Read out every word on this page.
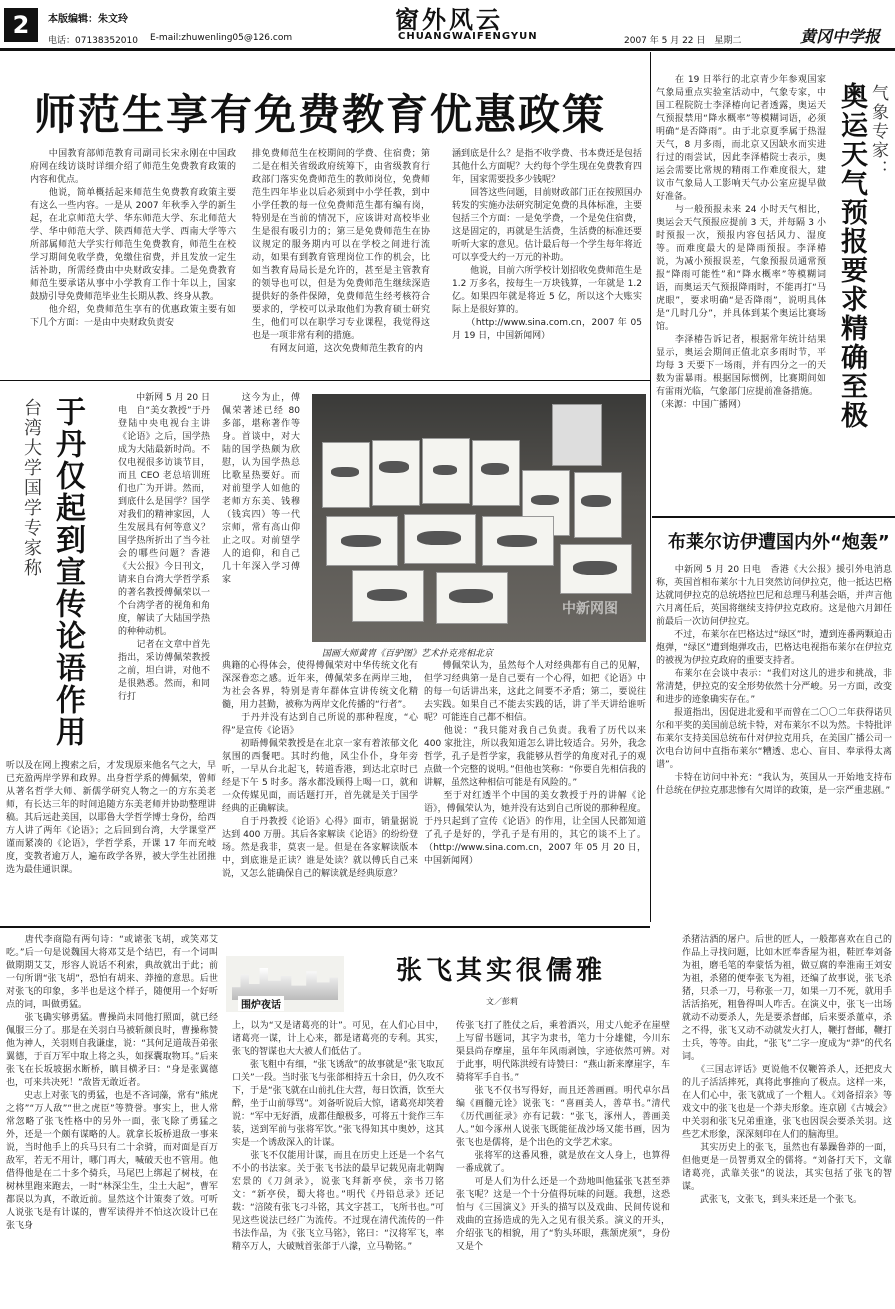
2	本版编辑：朱文玲
电话：07138352010 E-mail:zhuwenling05@126.com
窗外风云
CHUANGWAIFENGYUN	2007 年 5 月 22 日　星期二	黄冈中学报
师范生享有免费教育优惠政策
　　中国教育部师范教育司副司长宋永刚在中国政府网在线访谈时详细介绍了师范生免费教育政策的内容和优点。
　　他说，简单概括起来师范生免费教育政策主要有这么一些内容。一是从 2007 年秋季入学的新生起，在北京师范大学、华东师范大学、东北师范大学、华中师范大学、陕西师范大学、西南大学等六所部属师范大学实行师范生免费教育，师范生在校学习期间免收学费，免缴住宿费，并且发放一定生活补助，所需经费由中央财政安排。二是免费教育师范生要承诺从事中小学教育工作十年以上，国家鼓励引导免费师范毕业生长期从教、终身从教。
　　他介绍，免费师范生享有的优惠政策主要有如下几个方面：一是由中央财政负责安
排免费师范生在校期间的学费、住宿费；第二是在相关省级政府统筹下，由省级教育行政部门落实免费师范生的教师岗位，免费师范生四年毕业以后必须到中小学任教，到中小学任教的每一位免费师范生都有编有岗，特别是在当前的情况下，应该讲对高校毕业生是很有吸引力的；第三是免费师范生在协议规定的服务期内可以在学校之间进行流动，如果有到教育管理岗位工作的机会，比如当教育局局长是允许的，甚至是主管教育的领导也可以，但是为免费师范生继续深造提供好的条件保障，免费师范生经考核符合要求的，学校可以录取他们为教育硕士研究生，他们可以在职学习专业课程，我觉得这也是一项非常有利的措施。
　　有网友问道，这次免费师范生教育的内
涵到底是什么？是指不收学费、书本费还是包括其他什么方面呢？大约每个学生现在免费教育四年，国家需要投多少钱呢？
　　回答这些问题，目前财政部门正在按照国办转发的实施办法研究制定免费的具体标准，主要包括三个方面：一是免学费，一个是免住宿费，这是固定的，再就是生活费，生活费的标准还要听听大家的意见。估计最后每一个学生每年将近可以享受大约一万元的补助。
　　他说，目前六所学校计划招收免费师范生是 1.2 万多名，按每生一万块钱算，一年就是 1.2 亿。如果四年就是将近 5 亿，所以这个大账实际上是很好算的。
　　（http://www.sina.com.cn，2007 年 05 月 19 日，中国新闻网）
于丹仅起到宣传论语作用
台湾大学国学专家称	　　中新网 5 月 20 日电　自“美女教授”于丹登陆中央电视台主讲《论语》之后，国学热成为大陆最新时尚。不仅电视很多访谈节目，而且 CEO 老总培训班们也广为开讲。然而，到底什么是国学？国学对我们的精神家园，人生发展具有何等意义？国学热所折出了当今社会的哪些问题？香港《大公报》今日刊文，请来自台湾大学哲学系的著名教授傅佩荣以一个台湾学者的视角和角度，解读了大陆国学热的种种动机。
　　记者在文章中首先指出，采访傅佩荣教授之前，坦白讲，对他不是很熟悉。然而，和同行打
　　这今为止，傅佩荣著述已经 80 多部，堪称著作等身。首谈中，对大陆的国学热颇为欣慰，认为国学热总比歌星热要好。而对前望学人如他的老师方东美、钱穆（钱宾四）等一代宗师，常有高山仰止之叹。对前望学人的追仰，和自己几十年深入学习傅家
听以及在网上搜索之后，才发现原来他名气之大，早已充盈两岸学界和政界。出身哲学系的傅佩荣，曾师从著名哲学大师、新儒学研究人物之一的方东美老师，有长达三年的时间追随方东美老师并协助整理讲稿。其后远赴美国，以耶鲁大学哲学博士身份，给西方人讲了两年《论语》；之后回到台湾，大学课堂严谨而紧凑的《论语》，学哲学系，开课 17 年而充岐度，变教者逾万人，遍布政学各界，被大学生社团推选为最佳通识课。
中新网图
国画大师黄胄《百驴图》艺术扑克亮相北京
典籍的心得体会，使得傅佩荣对中华传统文化有深深眷恋之感。近年来，傅佩荣多在两岸三地，为社会各界，特别是青年群体宣讲传统文化精髓，用力甚勤，被称为两岸文化传播的“行者”。
　　于丹并没有达到自己所说的那种程度，“心得”是宣传《论语》
　　初晤傅佩荣教授是在北京一家有着浓郁文化氛围的西餐吧。其时约他，风尘仆仆，身年旁听，一早从台北起飞，转道香港，到达北京时已经是下午 5 时多。落水都没顾得上喝一口，就和一众传媒见面，而话题打开，首先就是关于国学经典的正确解读。
　　自于丹教授《论语》心得》面市，销量据说达到 400 万册。其后各家解读《论语》的纷纷登场。然是我非，莫衷一是。但是在各家解读版本中，到底谁是正读？谁是处读？就以傅氏自己来说，又怎么能确保自己的解读就是经典原意？
　　傅佩荣认为，虽然每个人对经典都有自己的见解，但学习经典第一是自己要有一个心得，如把《论语》中的每一句话讲出来，这此之间要不矛盾；第二，要说往去实践。如果自己不能去实践的话，讲了半天讲给谁听呢？可能连自己都不相信。
　　他说：“我只能对我自己负责。我看了历代以来 400 家批注，所以我知道怎么讲比较适合。另外，我念哲学，孔子是哲学家，我能够从哲学的角度对孔子的观点做一个完整的说明。”但他也笑称：“你要自先相信我的讲解，虽然这种相信可能是有风险的。”
　　至于对红透半个中国的美女教授于丹的讲解《论语》，傅佩荣认为，她并没有达到自己所说的那种程度。于丹只起到了宣传《论语》的作用，让全国人民都知道了孔子是好的，学孔子是有用的，其它的谈不上了。（http://www.sina.com.cn，2007 年 05 月 20 日，中国新闻网）
　　在 19 日举行的北京青少年参观国家气象局重点实验室活动中，气象专家，中国工程院院士李泽椿向记者透露，奥运天气预报禁用“降水概率”等模糊词语，必须明确“是否降雨”。由于北京夏季属于热湿天气，8 月多雨，而北京又因缺水而实进行过的雨尝试，因此李泽椿院士表示，奥运会需要比常规的精雨工作难度很大，建议市气象局人工影响天气办公室应提早做好准备。
　　与一般预报未来 24 小时天气相比，奥运会天气预报应提前 3 天，并每隔 3 小时预报一次，预报内容包括风力、湿度等。而难度最大的是降雨预报。李泽椿说，为减小预报误差，气象预报员通常预报“降雨可能性”和“降水概率”等模糊词语，而奥运天气预报降雨时，不能再打“马虎眼”，要求明确“是否降雨”，说明具体是“几时几分”，并具体到某个奥运比赛场馆。
　　李泽椿告诉记者，根据常年统计结果显示，奥运会期间正值北京多雨时节，平均每 3 天要下一场雨，并有四分之一的天数为雷暴雨。根据国际惯例，比赛期间如有雷雨光临，气象部门应提前准备措施。
（来源：中国广播网）	奥运天气预报要求精确至极 气象专家：
布莱尔访伊遭国内外“炮轰”
　　中新网 5 月 20 日电　香港《大公报》援引外电消息称，英国首相布莱尔十九日突然访问伊拉克，他一抵达巴格达就同伊拉克的总统塔拉巴尼和总理马利基会晤，并声言他六月离任后，英国将继续支持伊拉克政府。这是他六月卸任前最后一次访问伊拉克。
　　不过，布莱尔在巴格达过“绿区”时，遭到连番两颗迫击炮弹，“绿区”遭到炮弹攻击，巴格达电视指布莱尔在伊拉克的被视为伊拉克政府的重要支持者。
　　布莱尔在会谈中表示：“我们对这儿的进步和挑战，非常清楚，伊拉克的安全形势依然十分严峻。另一方面，改变和进步的迹象确实存在。”
　　报道指出，因促进北爱和平而曾在二〇〇二年获得诺贝尔和平奖的美国前总统卡特，对布莱尔不以为然。卡特批评布莱尔支持美国总统布什对伊拉克用兵，在美国广播公司一次电台访问中直指布莱尔“糟透、忠心、盲目、奉承得太离谱”。
　　卡特在访问中补充：“我认为，英国从一开始地支持布什总统在伊拉克那悲惨有欠周详的政策，是一宗严重悲剧。”
　　唐代李商隐有两句诗：“或谑张飞胡，或笑邓艾吃。”后一句是说魏国大将邓艾是个结巴，有一个词叫做期期艾艾，形容人说话不利索，典故就出于此；前一句所谓“张飞胡”，恐怕有胡来、莽撞的意思。后世对张飞的印象，多半也是这个样子，随便用一个好听点的词，叫做勇猛。
　　张飞确实够勇猛。曹操尚未同他打照面，就已经佩服三分了。那是在关羽白马被斩颜良时，曹操称赞他为神人，关羽则自我谦虚，说：“其何足道哉吾弟张翼德，于百万军中取上将之头，如探囊取物耳。”后来张飞在长坂坡据水断桥，瞋目横矛曰：“身是张翼德也，可来共决死！”敌皆无敢近者。
　　史志上对张飞的勇猛，也是不吝词藻，常有“熊虎之将”“万人敌”“世之虎臣”等赞誉。事实上，世人常常忽略了张飞性格中的另外一面，张飞除了勇猛之外，还是一个颇有谋略的人。就拿长坂桥退敌一事来说，当时他手上的兵马只有二十余骑，而对面是百万敌军，若无不用计，哪门再大，喊破天也不管用。他借得他是在二十多个骑兵，马尾巴上绑起了树枝，在树林里跑来跑去，一时“林深尘生，尘土大起”，曹军都误以为真，不敢近前。显然这个计策奏了效。可听人说张飞是有计谋的，曹军读得并不怕这次设计已在张飞身
围炉夜话
张飞其实很儒雅
文／彭莉
上，以为“又是诸葛亮的计”。可见，在人们心目中，诸葛亮一谋，计上心来，都是诸葛亮的专利。其实，张飞的智谋也大大被人们低估了。
　　张飞粗中有细，“张飞诱敌”的故事就是“张飞取瓦口关”一段。当时张飞与张郃相持五十余日，仍久攻不下，于是“张飞就在山前扎住大营，每日饮酒，饮至大醉，坐于山前辱骂”。刘备听说后大惊，诸葛亮却笑着说：“军中无好酒，成都佳酿极多，可将五十瓮作三车装，送到军前与张将军饮。”张飞得知其中奥妙，这其实是一个诱敌深入的计谋。
　　张飞不仅能用计谋，而且在历史上还是一个名气不小的书法家。关于张飞书法的最早记载见南北朝陶宏景的《刀剑录》，说张飞拜新亭侯，亲书刀铭文：“新亭侯，蜀大将也。”明代《丹铅总录》还记载：“涪陵有张飞刁斗铭，其文字甚工，飞所书也。”可见这些说法已经广为流传。不过现在清代流传的一件书法作品，为《张飞立马铭》，铭曰：“汉将军飞，率精卒万人，大破贼首张郃于八濛，立马勒铭。”
传张飞打了胜仗之后，乘着酒兴，用丈八蛇矛在崖壁上写留书题词，其字为隶书，笔力十分雄健，今川东渠县尚存摩崖，虽年年风雨剥蚀，字迹依然可辨。对于此事，明代陈洪绶有诗赞曰：“燕山新来摩崖字，车骑将军手自书。”
　　张飞不仅书写得好，而且还善画画。明代卓尔昌编《画髓元诠》说张飞：“喜画美人，善草书。”清代《历代画征录》亦有记载：“张飞，涿州人，善画美人。”如今涿州人说张飞既能征战沙场又能书画，因为张飞也是儒将，是个出色的文学艺术家。
　　张将军的这番风雅，就是放在文人身上，也算得一番成就了。
　　可是人们为什么还是一个劲地叫他猛张飞甚至莽张飞呢？这是一个十分值得玩味的问题。我想，这恐怕与《三国演义》开头的描写以及戏曲、民间传说和戏曲的宣扬造成的先入之见有很关系。演义的开头，介绍张飞的相貌，用了“豹头环眼，燕颔虎须”，身份又是个
杀猪沽酒的屠户。后世的匠人，一般都喜欢在自己的作品上寻找问题，比如木匠奉香屋为祖，鞋匠奉刘备为祖，磨毛笔的奉蒙恬为祖，做豆腐的奉淮南王刘安为祖，杀猪的便奉张飞为祖，还编了故事说，张飞杀猪，只杀一刀，号称张一刀，如果一刀不死，就用手活活掐死，粗鲁得叫人咋舌。在演义中，张飞一出场就动不动要杀人，先是要杀督邮，后来要杀董卓，杀之不得，张飞又动不动就发火打人，鞭打督邮，鞭打士兵，等等。由此，“张飞”二字一度成为“莽”的代名词。
　　《三国志评话》更说他不仅鞭笞杀人，还把皮大的儿子活活摔死，真将此事推向了极点。这样一来，在人们心中，张飞就成了一个粗人。《刘备招亲》等戏文中的张飞也是一个莽夫形象。连京剧《古城会》中关羽和张飞兄弟重逢，张飞也因误会要杀关羽。这些艺术形象，深深刻印在人们的脑海里。
　　其实历史上的张飞，虽然也有暴躁鲁莽的一面，但他更是一员智勇双全的儒将。“刘备打天下，文靠诸葛亮，武靠关张”的说法，其实包括了张飞的智谋。
　　武张飞，文张飞，到头来还是一个张飞。
